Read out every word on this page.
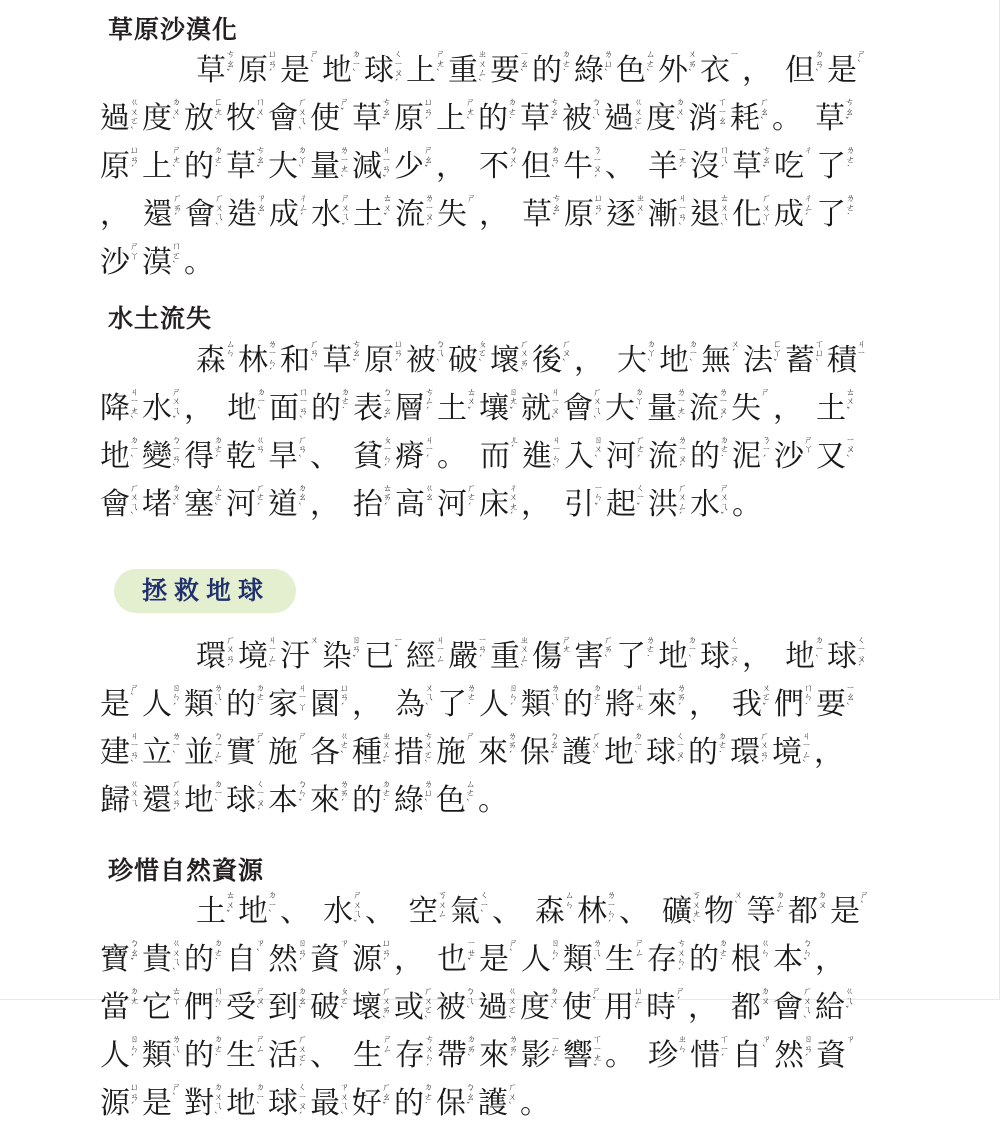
草原沙漠化
草 ㄘㄠˇ 原 ㄩㄢˊ 是 ㄕˋ 地 ㄉㄧˋ 球 ㄑㄧㄡˊ 上 ㄕㄤˋ 重 ㄓㄨㄥˋ 要 ㄧㄠˋ 的 ㄉㄜ˙ 綠 ㄌㄩˋ 色 ㄙㄜˋ 外 ㄨㄞˋ 衣 ㄧ ， 但 ㄉㄢˋ 是 ㄕˋ
過 ㄍㄨㄛˋ 度 ㄉㄨˋ 放 ㄈㄤˋ 牧 ㄇㄨˋ 會 ㄏㄨㄟˋ 使 ㄕˇ 草 ㄘㄠˇ 原 ㄩㄢˊ 上 ㄕㄤˋ 的 ㄉㄜ˙ 草 ㄘㄠˇ 被 ㄅㄟˋ 過 ㄍㄨㄛˋ 度 ㄉㄨˋ 消 ㄒㄧㄠ 耗 ㄏㄠˋ 。 草 ㄘㄠˇ
原 ㄩㄢˊ 上 ㄕㄤˋ 的 ㄉㄜ˙ 草 ㄘㄠˇ 大 ㄉㄚˋ 量 ㄌㄧㄤˋ 減 ㄐㄧㄢˇ 少 ㄕㄠˇ ， 不 ㄅㄨˊ 但 ㄉㄢˋ 牛 ㄋㄧㄡˊ 、 羊 ㄧㄤˊ 沒 ㄇㄟˊ 草 ㄘㄠˇ 吃 ㄔ 了 ㄌㄜ˙
， 還 ㄏㄞˊ 會 ㄏㄨㄟˋ 造 ㄗㄠˋ 成 ㄔㄥˊ 水 ㄕㄨㄟˇ 土 ㄊㄨˇ 流 ㄌㄧㄡˊ 失 ㄕ ， 草 ㄘㄠˇ 原 ㄩㄢˊ 逐 ㄓㄨˊ 漸 ㄐㄧㄢˋ 退 ㄊㄨㄟˋ 化 ㄏㄨㄚˋ 成 ㄔㄥˊ 了 ㄌㄜ˙
沙 ㄕㄚ 漠 ㄇㄛˋ 。
水土流失
森 ㄙㄣ 林 ㄌㄧㄣˊ 和 ㄏㄢˋ 草 ㄘㄠˇ 原 ㄩㄢˊ 被 ㄅㄟˋ 破 ㄆㄛˋ 壞 ㄏㄨㄞˋ 後 ㄏㄡˋ ， 大 ㄉㄚˋ 地 ㄉㄧˋ 無 ㄨˊ 法 ㄈㄚˇ 蓄 ㄒㄩˋ 積 ㄐㄧ
降 ㄐㄧㄤˋ 水 ㄕㄨㄟˇ ， 地 ㄉㄧˋ 面 ㄇㄧㄢˋ 的 ㄉㄜ˙ 表 ㄅㄧㄠˇ 層 ㄘㄥˊ 土 ㄊㄨˇ 壤 ㄖㄤˇ 就 ㄐㄧㄡˋ 會 ㄏㄨㄟˋ 大 ㄉㄚˋ 量 ㄌㄧㄤˋ 流 ㄌㄧㄡˊ 失 ㄕ ， 土 ㄊㄨˇ
地 ㄉㄧˋ 變 ㄅㄧㄢˋ 得 ㄉㄜˊ 乾 ㄍㄢ 旱 ㄏㄢˋ 、 貧 ㄆㄧㄣˊ 瘠 ㄐㄧˊ 。 而 ㄦˊ 進 ㄐㄧㄣˋ 入 ㄖㄨˋ 河 ㄏㄜˊ 流 ㄌㄧㄡˊ 的 ㄉㄜ˙ 泥 ㄋㄧˊ 沙 ㄕㄚ 又 ㄧㄡˋ
會 ㄏㄨㄟˋ 堵 ㄉㄨˇ 塞 ㄙㄜˋ 河 ㄏㄜˊ 道 ㄉㄠˋ ， 抬 ㄊㄞˊ 高 ㄍㄠ 河 ㄏㄜˊ 床 ㄔㄨㄤˊ ， 引 ㄧㄣˇ 起 ㄑㄧˇ 洪 ㄏㄨㄥˊ 水 ㄕㄨㄟˇ 。
拯救地球
環 ㄏㄨㄢˊ 境 ㄐㄧㄥˋ 汙 ㄨ 染 ㄖㄢˇ 已 ㄧˇ 經 ㄐㄧㄥ 嚴 ㄧㄢˊ 重 ㄓㄨㄥˋ 傷 ㄕㄤ 害 ㄏㄞˋ 了 ㄌㄜ˙ 地 ㄉㄧˋ 球 ㄑㄧㄡˊ ， 地 ㄉㄧˋ 球 ㄑㄧㄡˊ
是 ㄕˋ 人 ㄖㄣˊ 類 ㄌㄟˋ 的 ㄉㄜ˙ 家 ㄐㄧㄚ 園 ㄩㄢˊ ， 為 ㄨㄟˋ 了 ㄌㄜ˙ 人 ㄖㄣˊ 類 ㄌㄟˋ 的 ㄉㄜ˙ 將 ㄐㄧㄤ 來 ㄌㄞˊ ， 我 ㄨㄛˇ 們 ㄇㄣ˙ 要 ㄧㄠˋ
建 ㄐㄧㄢˋ 立 ㄌㄧˋ 並 ㄅㄧㄥˋ 實 ㄕˊ 施 ㄕ 各 ㄍㄜˋ 種 ㄓㄨㄥˇ 措 ㄘㄨㄛˋ 施 ㄕ 來 ㄌㄞˊ 保 ㄅㄠˇ 護 ㄏㄨˋ 地 ㄉㄧˋ 球 ㄑㄧㄡˊ 的 ㄉㄜ˙ 環 ㄏㄨㄢˊ 境 ㄐㄧㄥˋ ，
歸 ㄍㄨㄟ 還 ㄏㄨㄢˊ 地 ㄉㄧˋ 球 ㄑㄧㄡˊ 本 ㄅㄣˇ 來 ㄌㄞˊ 的 ㄉㄜ˙ 綠 ㄌㄩˋ 色 ㄙㄜˋ 。
珍惜自然資源
土 ㄊㄨˇ 地 ㄉㄧˋ 、 水 ㄕㄨㄟˇ 、 空 ㄎㄨㄥ 氣 ㄑㄧˋ 、 森 ㄙㄣ 林 ㄌㄧㄣˊ 、 礦 ㄎㄨㄤˋ 物 ㄨˋ 等 ㄉㄥˇ 都 ㄉㄡ 是 ㄕˋ
寶 ㄅㄠˇ 貴 ㄍㄨㄟˋ 的 ㄉㄜ˙ 自 ㄗˋ 然 ㄖㄢˊ 資 ㄗ 源 ㄩㄢˊ ， 也 ㄧㄝˇ 是 ㄕˋ 人 ㄖㄣˊ 類 ㄌㄟˋ 生 ㄕㄥ 存 ㄘㄨㄣˊ 的 ㄉㄜ˙ 根 ㄍㄣ 本 ㄅㄣˇ ，
當 ㄉㄤ 它 ㄊㄚ 們 ㄇㄣ˙ 受 ㄕㄡˋ 到 ㄉㄠˋ 破 ㄆㄛˋ 壞 ㄏㄨㄞˋ 或 ㄏㄨㄛˋ 被 ㄅㄟˋ 過 ㄍㄨㄛˋ 度 ㄉㄨˋ 使 ㄕˇ 用 ㄩㄥˋ 時 ㄕˊ ， 都 ㄉㄡ 會 ㄏㄨㄟˋ 給 ㄍㄟˇ
人 ㄖㄣˊ 類 ㄌㄟˋ 的 ㄉㄜ˙ 生 ㄕㄥ 活 ㄏㄨㄛˊ 、 生 ㄕㄥ 存 ㄘㄨㄣˊ 帶 ㄉㄞˋ 來 ㄌㄞˊ 影 ㄧㄥˇ 響 ㄒㄧㄤˇ 。 珍 ㄓㄣ 惜 ㄒㄧˊ 自 ㄗˋ 然 ㄖㄢˊ 資 ㄗ
源 ㄩㄢˊ 是 ㄕˋ 對 ㄉㄨㄟˋ 地 ㄉㄧˋ 球 ㄑㄧㄡˊ 最 ㄗㄨㄟˋ 好 ㄏㄠˇ 的 ㄉㄜ˙ 保 ㄅㄠˇ 護 ㄏㄨˋ 。
